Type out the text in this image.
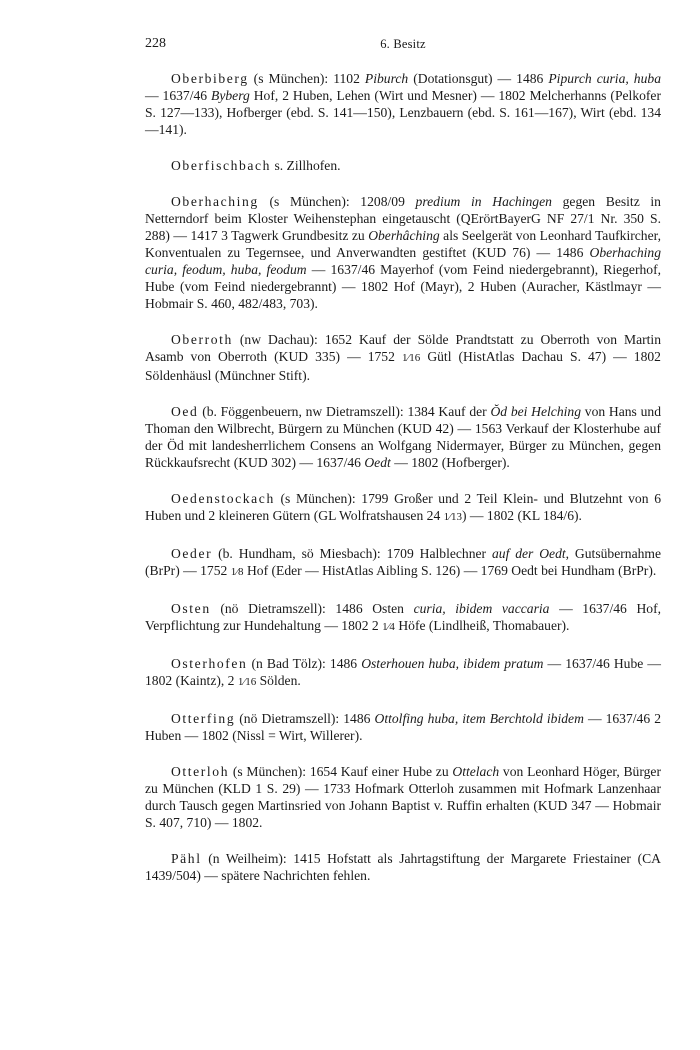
228	6. Besitz

Oberbiberg (s München): 1102 Piburch (Dotationsgut) — 1486 Pipurch curia, huba — 1637/46 Byberg Hof, 2 Huben, Lehen (Wirt und Mesner) — 1802 Melcherhanns (Pelkofer S. 127—133), Hofberger (ebd. S. 141—150), Lenzbauern (ebd. S. 161—167), Wirt (ebd. 134—141).

Oberfischbach s. Zillhofen.

Oberhaching (s München): 1208/09 predium in Hachingen gegen Besitz in Netterndorf beim Kloster Weihenstephan eingetauscht (QErörtBayerG NF 27/1 Nr. 350 S. 288) — 1417 3 Tagwerk Grundbesitz zu Oberhâching als Seelgerät von Leonhard Taufkircher, Konventualen zu Tegernsee, und Anverwandten gestiftet (KUD 76) — 1486 Oberhaching curia, feodum, huba, feodum — 1637/46 Mayerhof (vom Feind niedergebrannt), Riegerhof, Hube (vom Feind niedergebrannt) — 1802 Hof (Mayr), 2 Huben (Auracher, Kästlmayr — Hobmair S. 460, 482/483, 703).

Oberroth (nw Dachau): 1652 Kauf der Sölde Prandtstatt zu Oberroth von Martin Asamb von Oberroth (KUD 335) — 1752 1⁄16 Gütl (HistAtlas Dachau S. 47) — 1802 Söldenhäusl (Münchner Stift).

Oed (b. Föggenbeuern, nw Dietramszell): 1384 Kauf der Ŏd bei Helching von Hans und Thoman den Wilbrecht, Bürgern zu München (KUD 42) — 1563 Verkauf der Klosterhube auf der Öd mit landesherrlichem Consens an Wolfgang Nidermayer, Bürger zu München, gegen Rückkaufsrecht (KUD 302) — 1637/46 Oedt — 1802 (Hofberger).

Oedenstockach (s München): 1799 Großer und 2 Teil Klein- und Blutzehnt von 6 Huben und 2 kleineren Gütern (GL Wolfratshausen 24 1⁄13) — 1802 (KL 184/6).

Oeder (b. Hundham, sö Miesbach): 1709 Halblechner auf der Oedt, Gutsübernahme (BrPr) — 1752 1⁄8 Hof (Eder — HistAtlas Aibling S. 126) — 1769 Oedt bei Hundham (BrPr).

Osten (nö Dietramszell): 1486 Osten curia, ibidem vaccaria — 1637/46 Hof, Verpflichtung zur Hundehaltung — 1802 2 1⁄4 Höfe (Lindlheiß, Thomabauer).

Osterhofen (n Bad Tölz): 1486 Osterhouen huba, ibidem pratum — 1637/46 Hube — 1802 (Kaintz), 2 1⁄16 Sölden.

Otterfing (nö Dietramszell): 1486 Ottolfing huba, item Berchtold ibidem — 1637/46 2 Huben — 1802 (Nissl = Wirt, Willerer).

Otterloh (s München): 1654 Kauf einer Hube zu Ottelach von Leonhard Höger, Bürger zu München (KLD 1 S. 29) — 1733 Hofmark Otterloh zusammen mit Hofmark Lanzenhaar durch Tausch gegen Martinsried von Johann Baptist v. Ruffin erhalten (KUD 347 — Hobmair S. 407, 710) — 1802.

Pähl (n Weilheim): 1415 Hofstatt als Jahrtagstiftung der Margarete Friestainer (CA 1439/504) — spätere Nachrichten fehlen.
